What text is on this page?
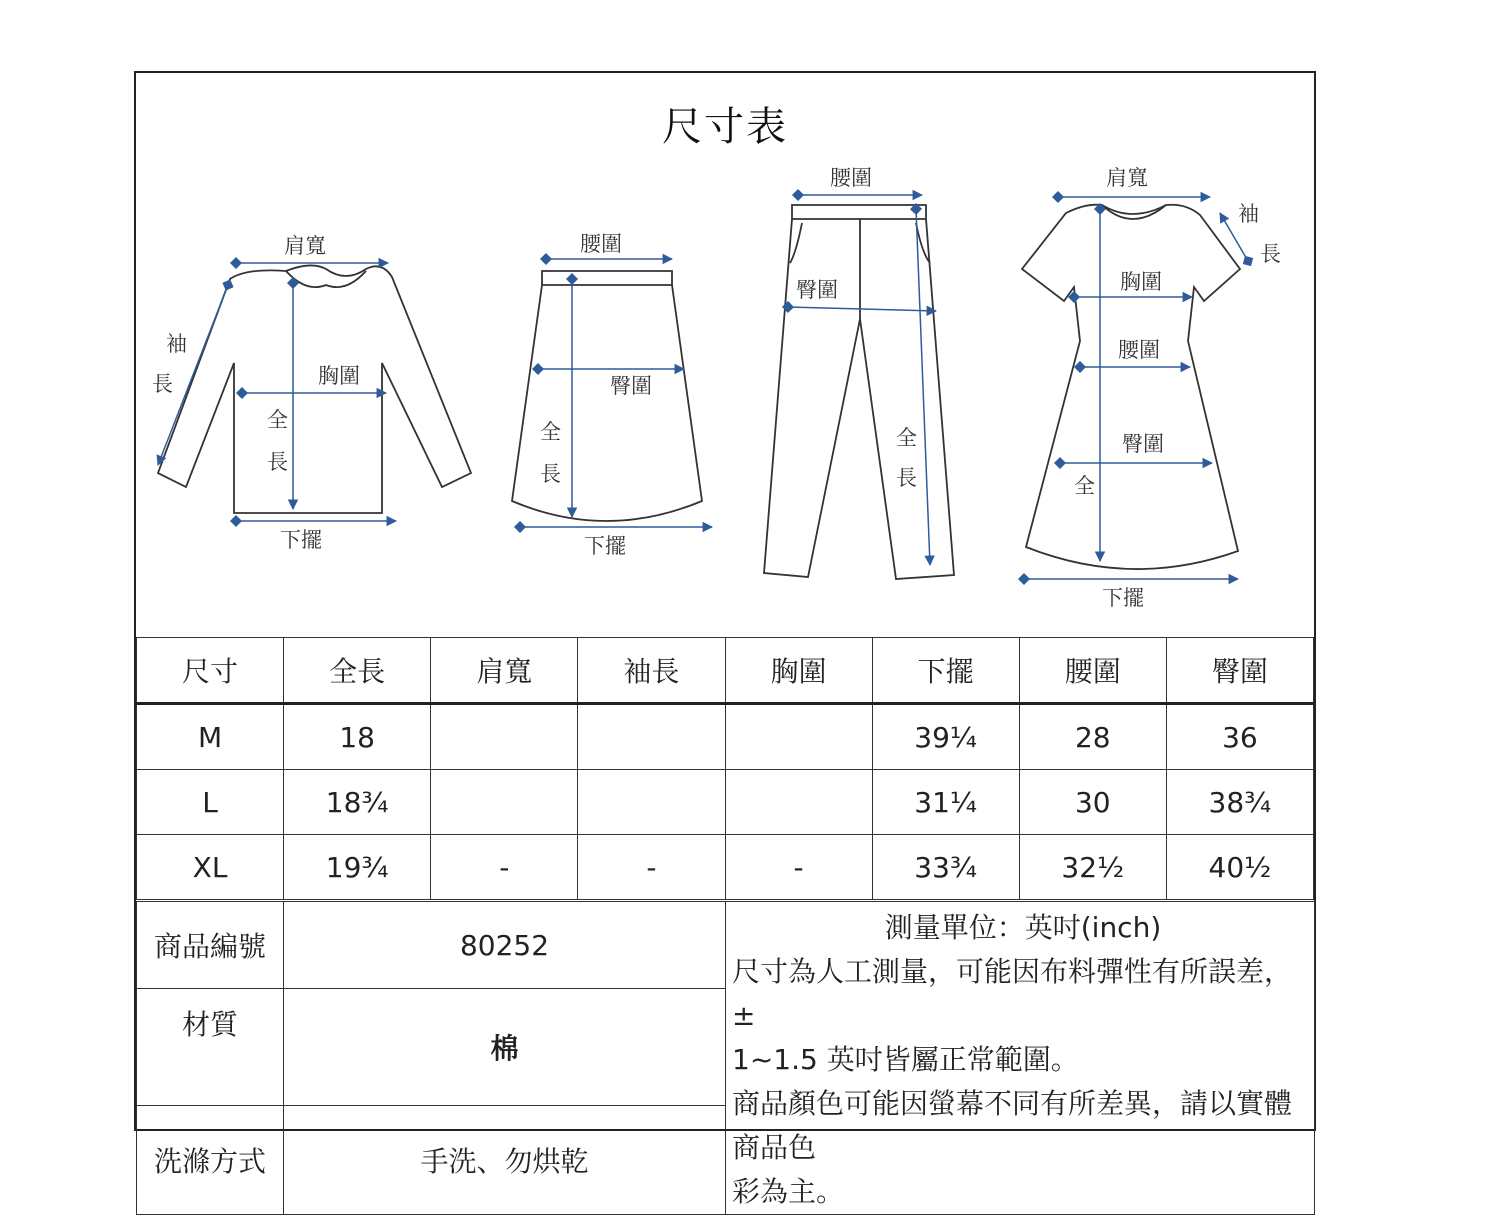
尺寸表
肩寬
袖
長	胸圍
全
長
下擺
腰圍
臀圍
全
長
下擺
腰圍
臀圍
全
長
肩寬
袖
長
胸圍
腰圍
臀圍
全
下擺
尺寸	全長	肩寬	袖長	胸圍	下擺	腰圍	臀圍
M	18				39¼	28	36
L	18¾				31¼	30	38¾
XL	19¾	-	-	-	33¾	32½	40½
商品編號	80252	測量單位：英吋(inch)
尺寸為人工測量，可能因布料彈性有所誤差，±
1~1.5 英吋皆屬正常範圍。
商品顏色可能因螢幕不同有所差異，請以實體商品色
彩為主。

材質	棉	
洗滌方式	手洗、勿烘乾	
